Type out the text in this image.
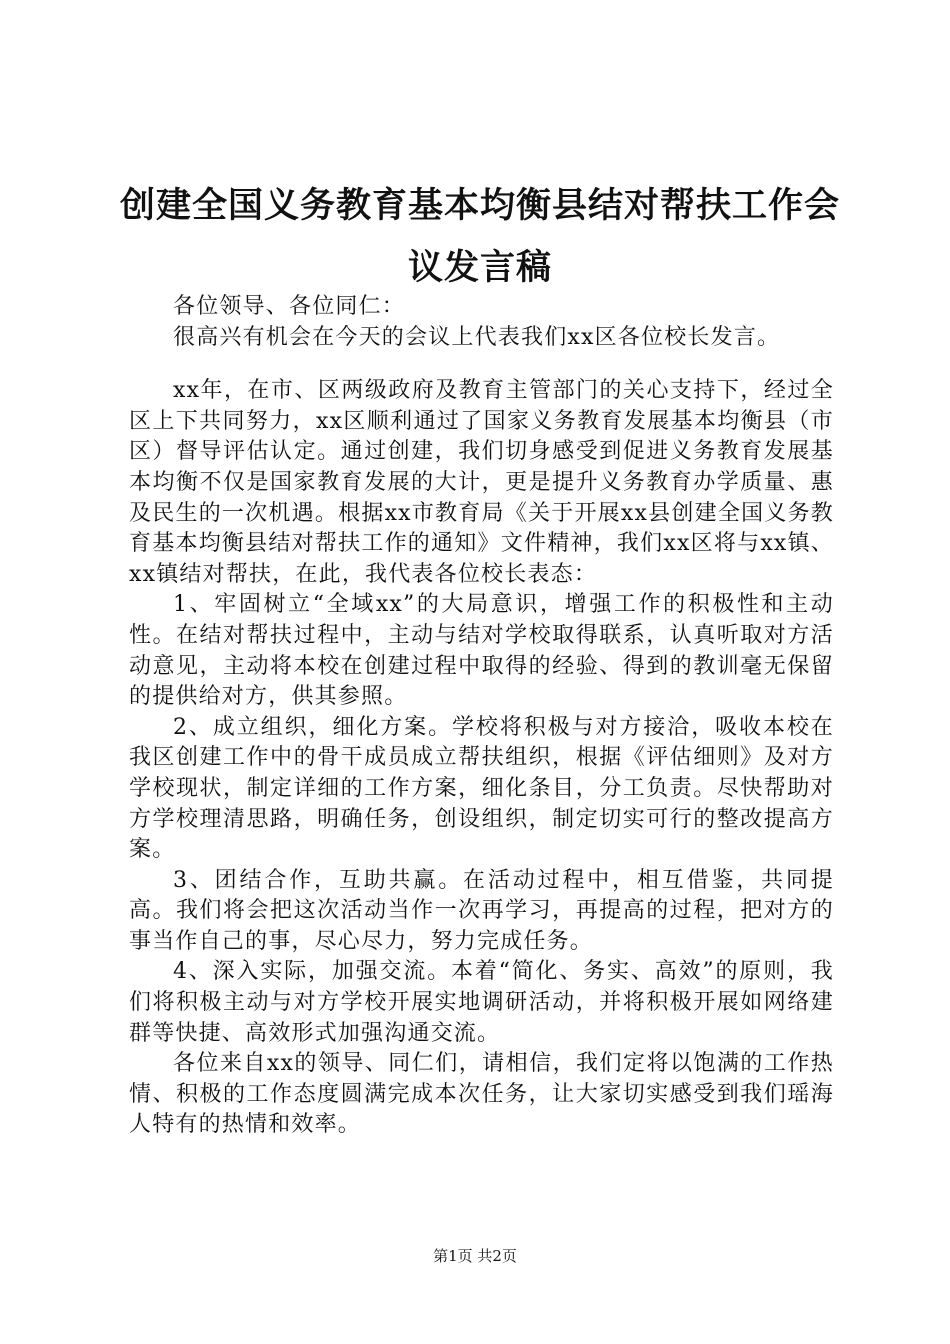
创建全国义务教育基本均衡县结对帮扶工作会
议发言稿

各位领导、各位同仁：

很高兴有机会在今天的会议上代表我们xx区各位校长发言。

xx年，在市、区两级政府及教育主管部门的关心支持下，经过全区上下共同努力，xx区顺利通过了国家义务教育发展基本均衡县（市区）督导评估认定。通过创建，我们切身感受到促进义务教育发展基本均衡不仅是国家教育发展的大计，更是提升义务教育办学质量、惠及民生的一次机遇。根据xx市教育局《关于开展xx县创建全国义务教育基本均衡县结对帮扶工作的通知》文件精神，我们xx区将与xx镇、xx镇结对帮扶，在此，我代表各位校长表态：

1、牢固树立“全域xx”的大局意识，增强工作的积极性和主动性。在结对帮扶过程中，主动与结对学校取得联系，认真听取对方活动意见，主动将本校在创建过程中取得的经验、得到的教训毫无保留的提供给对方，供其参照。

2、成立组织，细化方案。学校将积极与对方接洽，吸收本校在我区创建工作中的骨干成员成立帮扶组织，根据《评估细则》及对方学校现状，制定详细的工作方案，细化条目，分工负责。尽快帮助对方学校理清思路，明确任务，创设组织，制定切实可行的整改提高方案。

3、团结合作，互助共赢。在活动过程中，相互借鉴，共同提高。我们将会把这次活动当作一次再学习，再提高的过程，把对方的事当作自己的事，尽心尽力，努力完成任务。

4、深入实际，加强交流。本着“简化、务实、高效”的原则，我们将积极主动与对方学校开展实地调研活动，并将积极开展如网络建群等快捷、高效形式加强沟通交流。

各位来自xx的领导、同仁们，请相信，我们定将以饱满的工作热情、积极的工作态度圆满完成本次任务，让大家切实感受到我们瑶海人特有的热情和效率。

第1页 共2页
